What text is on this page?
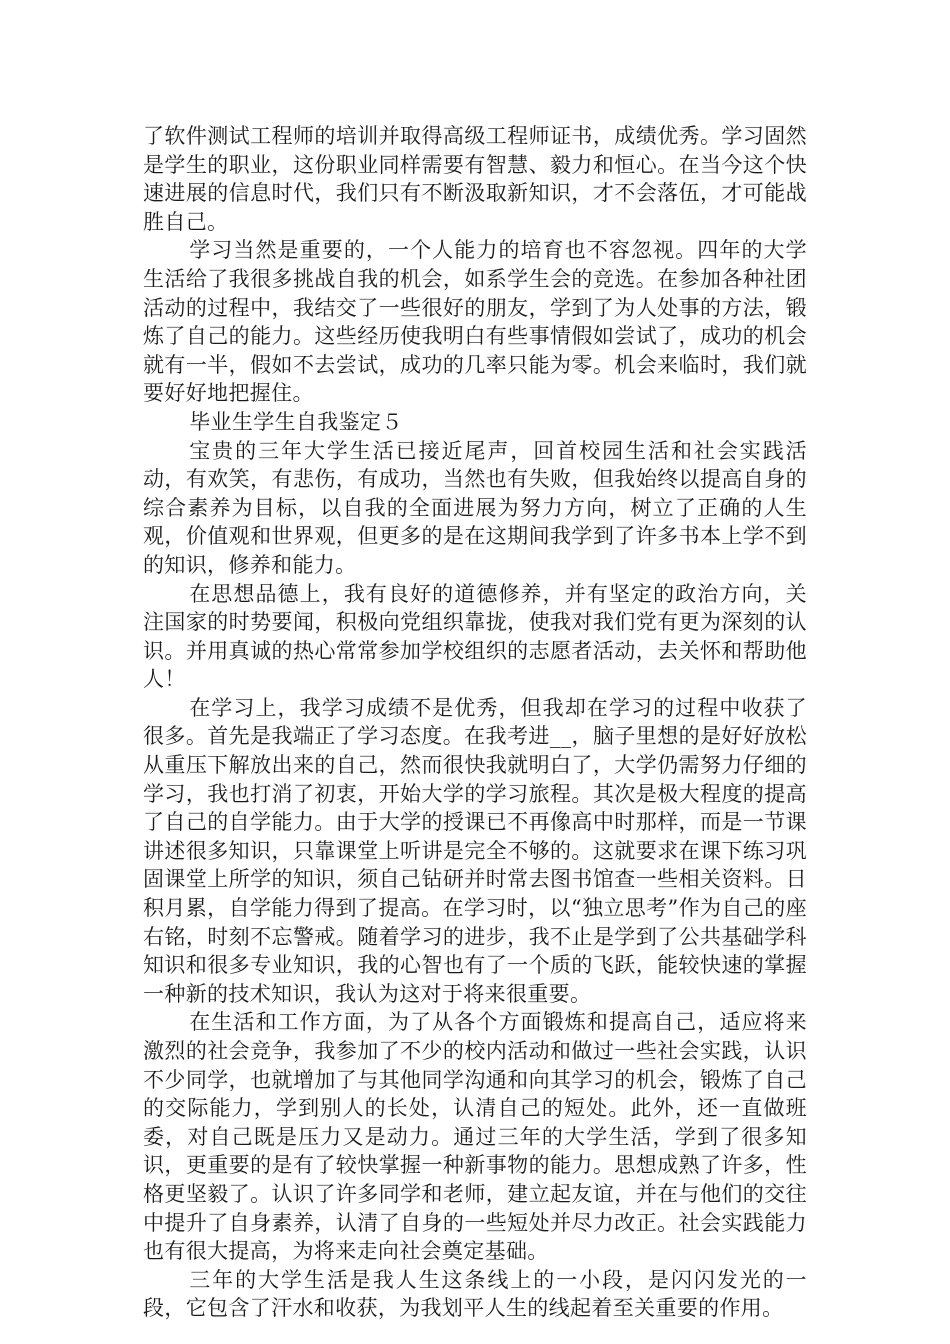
了软件测试工程师的培训并取得高级工程师证书，成绩优秀。学习固然是学生的职业，这份职业同样需要有智慧、毅力和恒心。在当今这个快速进展的信息时代，我们只有不断汲取新知识，才不会落伍，才可能战胜自己。

学习当然是重要的，一个人能力的培育也不容忽视。四年的大学生活给了我很多挑战自我的机会，如系学生会的竞选。在参加各种社团活动的过程中，我结交了一些很好的朋友，学到了为人处事的方法，锻炼了自己的能力。这些经历使我明白有些事情假如尝试了，成功的机会就有一半，假如不去尝试，成功的几率只能为零。机会来临时，我们就要好好地把握住。

毕业生学生自我鉴定５

宝贵的三年大学生活已接近尾声，回首校园生活和社会实践活动，有欢笑，有悲伤，有成功，当然也有失败，但我始终以提高自身的综合素养为目标，以自我的全面进展为努力方向，树立了正确的人生观，价值观和世界观，但更多的是在这期间我学到了许多书本上学不到的知识，修养和能力。

在思想品德上，我有良好的道德修养，并有坚定的政治方向，关注国家的时势要闻，积极向党组织靠拢，使我对我们党有更为深刻的认识。并用真诚的热心常常参加学校组织的志愿者活动，去关怀和帮助他人！

在学习上，我学习成绩不是优秀，但我却在学习的过程中收获了很多。首先是我端正了学习态度。在我考进__，脑子里想的是好好放松从重压下解放出来的自己，然而很快我就明白了，大学仍需努力仔细的学习，我也打消了初衷，开始大学的学习旅程。其次是极大程度的提高了自己的自学能力。由于大学的授课已不再像高中时那样，而是一节课讲述很多知识，只靠课堂上听讲是完全不够的。这就要求在课下练习巩固课堂上所学的知识，须自己钻研并时常去图书馆查一些相关资料。日积月累，自学能力得到了提高。在学习时，以“独立思考”作为自己的座右铭，时刻不忘警戒。随着学习的进步，我不止是学到了公共基础学科知识和很多专业知识，我的心智也有了一个质的飞跃，能较快速的掌握一种新的技术知识，我认为这对于将来很重要。

在生活和工作方面，为了从各个方面锻炼和提高自己，适应将来激烈的社会竞争，我参加了不少的校内活动和做过一些社会实践，认识不少同学，也就增加了与其他同学沟通和向其学习的机会，锻炼了自己的交际能力，学到别人的长处，认清自己的短处。此外，还一直做班委，对自己既是压力又是动力。通过三年的大学生活，学到了很多知识，更重要的是有了较快掌握一种新事物的能力。思想成熟了许多，性格更坚毅了。认识了许多同学和老师，建立起友谊，并在与他们的交往中提升了自身素养，认清了自身的一些短处并尽力改正。社会实践能力也有很大提高，为将来走向社会奠定基础。

三年的大学生活是我人生这条线上的一小段，是闪闪发光的一段，它包含了汗水和收获，为我划平人生的线起着至关重要的作用。
